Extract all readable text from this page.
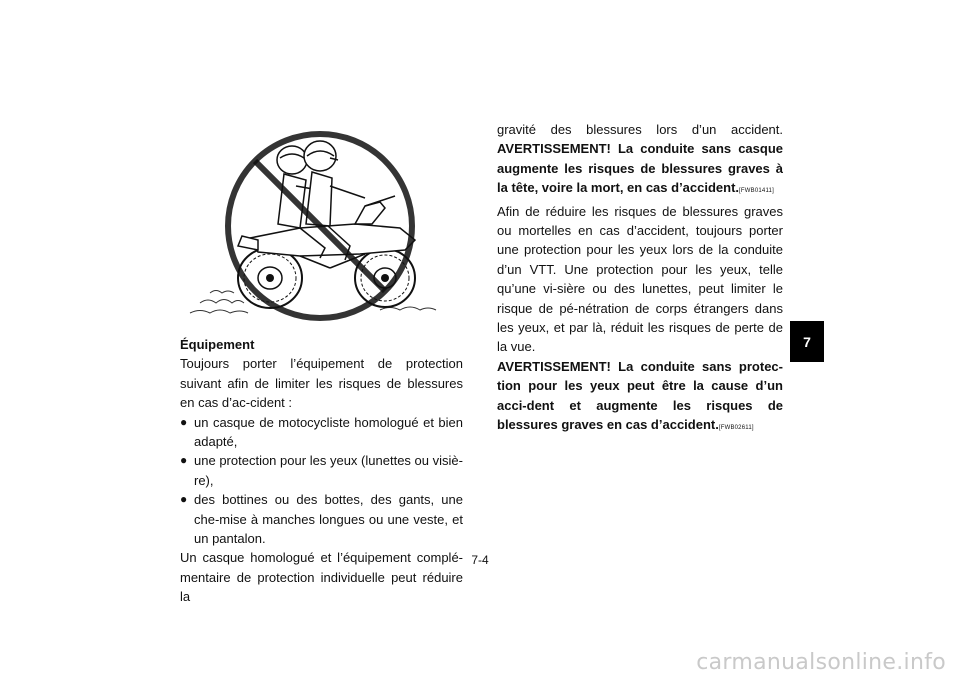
Équipement

Toujours porter l’équipement de protection suivant afin de limiter les risques de blessures en cas d’ac-cident :

● un casque de motocycliste homologué et bien adapté,
● une protection pour les yeux (lunettes ou visiè-re),
● des bottines ou des bottes, des gants, une che-mise à manches longues ou une veste, et un pantalon.

Un casque homologué et l’équipement complé-mentaire de protection individuelle peut réduire la

gravité des blessures lors d’un accident. AVERTISSEMENT! La conduite sans casque augmente les risques de blessures graves à la tête, voire la mort, en cas d’accident.[FWB01411]

Afin de réduire les risques de blessures graves ou mortelles en cas d’accident, toujours porter une protection pour les yeux lors de la conduite d’un VTT. Une protection pour les yeux, telle qu’une vi-sière ou des lunettes, peut limiter le risque de pé-nétration de corps étrangers dans les yeux, et par là, réduit les risques de perte de la vue.

AVERTISSEMENT! La conduite sans protec-tion pour les yeux peut être la cause d’un acci-dent et augmente les risques de blessures graves en cas d’accident.[FWB02611]

7-4
7
carmanualsonline.info
